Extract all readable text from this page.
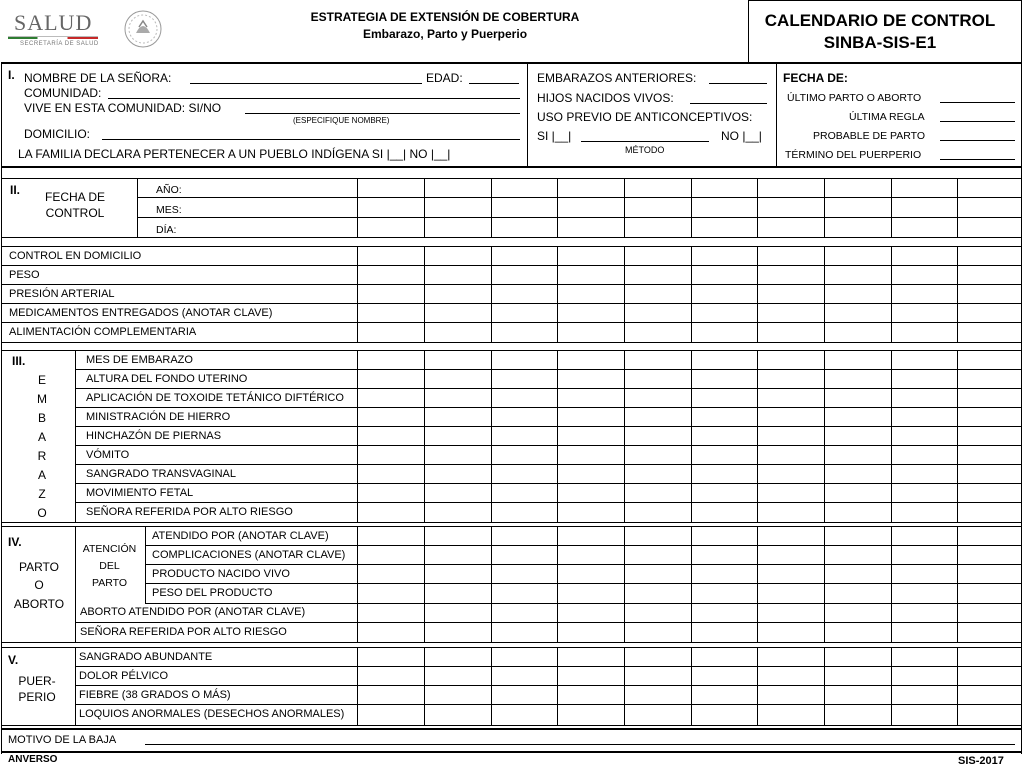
SALUD
SECRETARÍA DE SALUD
ESTRATEGIA DE EXTENSIÓN DE COBERTURA
Embarazo, Parto y Puerperio
CALENDARIO DE CONTROL
SINBA-SIS-E1
I. NOMBRE DE LA SEÑORA:	EDAD:
COMUNIDAD:
VIVE EN ESTA COMUNIDAD: SI/NO
(ESPECIFIQUE NOMBRE)
DOMICILIO:
LA FAMILIA DECLARA PERTENECER A UN PUEBLO INDÍGENA SI |__| NO |__|
EMBARAZOS ANTERIORES:
HIJOS NACIDOS VIVOS:
USO PREVIO DE ANTICONCEPTIVOS:
SI |__|	NO |__|
MÉTODO
FECHA DE:
ÚLTIMO PARTO O ABORTO
ÚLTIMA REGLA
PROBABLE DE PARTO
TÉRMINO DEL PUERPERIO
II.	FECHA DE
CONTROL
AÑO:
MES:
DÍA:
CONTROL EN DOMICILIO
PESO
PRESIÓN ARTERIAL
MEDICAMENTOS ENTREGADOS (ANOTAR CLAVE)
ALIMENTACIÓN COMPLEMENTARIA
III.
E
M
B
A
R
A
Z
O
MES DE EMBARAZO
ALTURA DEL FONDO UTERINO
APLICACIÓN DE TOXOIDE TETÁNICO DIFTÉRICO
MINISTRACIÓN DE HIERRO
HINCHAZÓN DE PIERNAS
VÓMITO
SANGRADO TRANSVAGINAL
MOVIMIENTO FETAL
SEÑORA REFERIDA POR ALTO RIESGO
IV.
PARTO
O
ABORTO
ATENCIÓN
DEL
PARTO
ATENDIDO POR (ANOTAR CLAVE)
COMPLICACIONES (ANOTAR CLAVE)
PRODUCTO NACIDO VIVO
PESO DEL PRODUCTO
ABORTO ATENDIDO POR (ANOTAR CLAVE)
SEÑORA REFERIDA POR ALTO RIESGO
V.
PUER-
PERIO
SANGRADO ABUNDANTE
DOLOR PÉLVICO
FIEBRE (38 GRADOS O MÁS)
LOQUIOS ANORMALES (DESECHOS ANORMALES)
MOTIVO DE LA BAJA
ANVERSO	SIS-2017
